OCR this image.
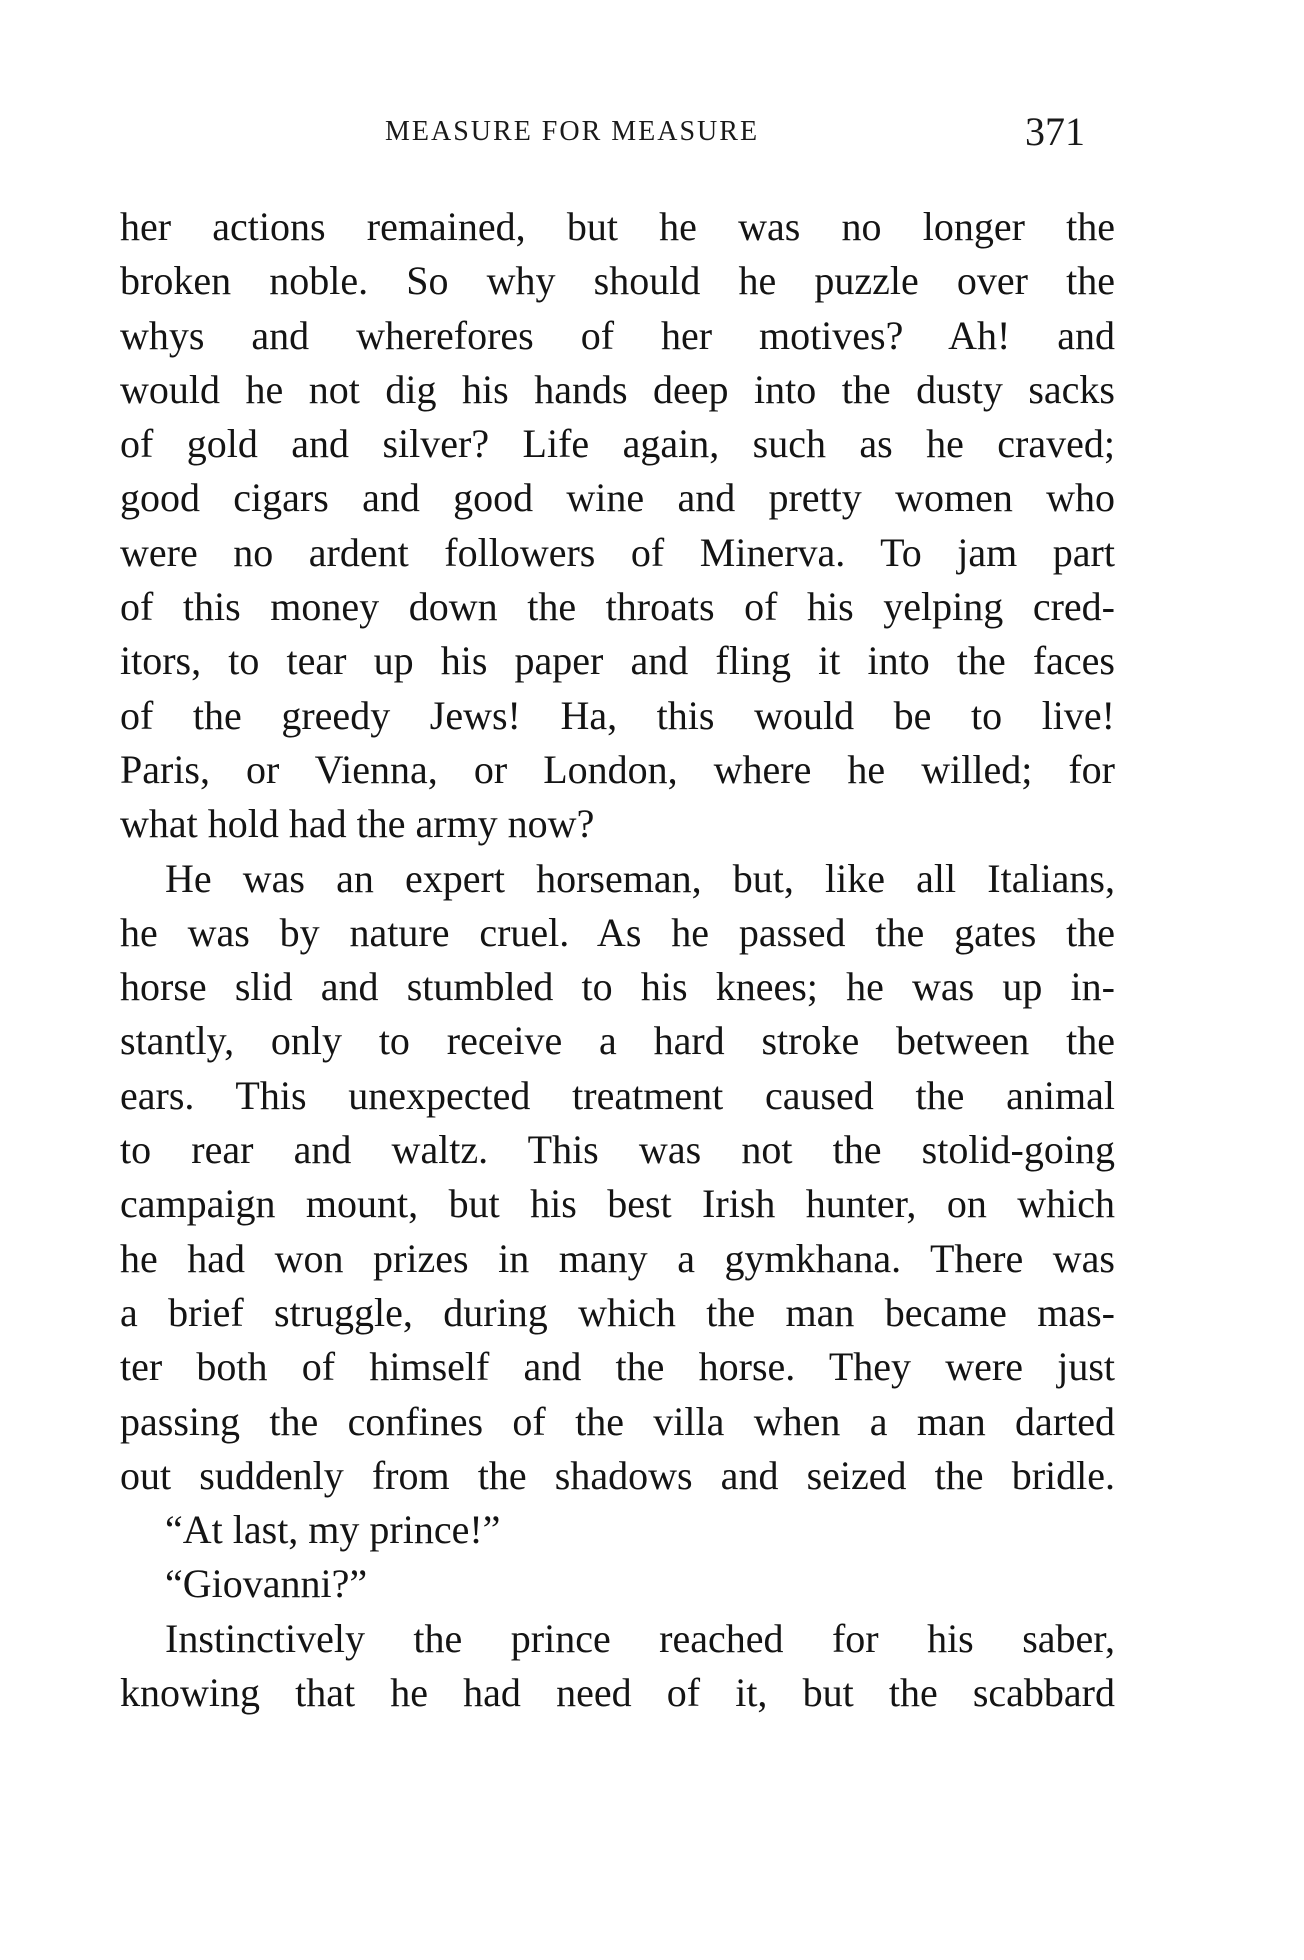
MEASURE FOR MEASURE	371
her actions remained, but he was no longer the
broken noble. So why should he puzzle over the
whys and wherefores of her motives? Ah! and
would he not dig his hands deep into the dusty sacks
of gold and silver? Life again, such as he craved;
good cigars and good wine and pretty women who
were no ardent followers of Minerva. To jam part
of this money down the throats of his yelping cred-
itors, to tear up his paper and fling it into the faces
of the greedy Jews! Ha, this would be to live!
Paris, or Vienna, or London, where he willed; for
what hold had the army now?
He was an expert horseman, but, like all Italians,
he was by nature cruel. As he passed the gates the
horse slid and stumbled to his knees; he was up in-
stantly, only to receive a hard stroke between the
ears. This unexpected treatment caused the animal
to rear and waltz. This was not the stolid-going
campaign mount, but his best Irish hunter, on which
he had won prizes in many a gymkhana. There was
a brief struggle, during which the man became mas-
ter both of himself and the horse. They were just
passing the confines of the villa when a man darted
out suddenly from the shadows and seized the bridle.
“At last, my prince!”
“Giovanni?”
Instinctively the prince reached for his saber,
knowing that he had need of it, but the scabbard
